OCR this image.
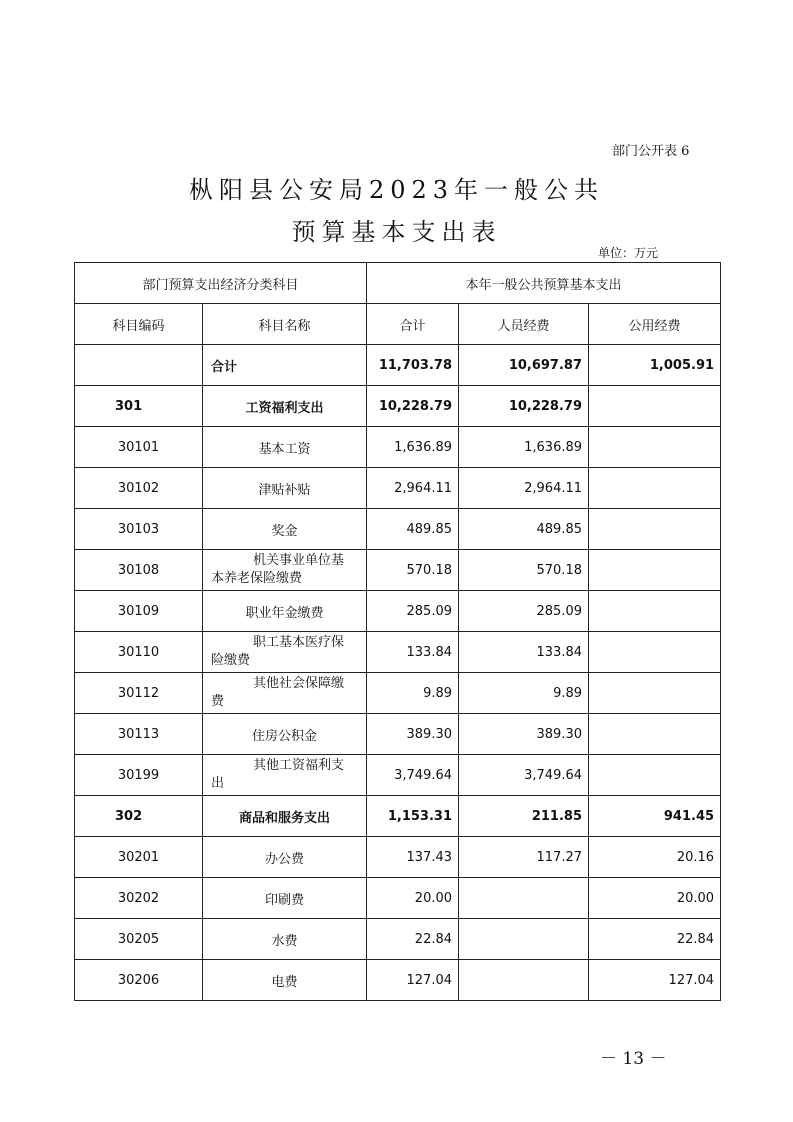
部门公开表 6
枞阳县公安局2023年一般公共
预算基本支出表
单位：万元
部门预算支出经济分类科目		本年一般公共预算基本支出		
科目编码	科目名称	合计	人员经费	公用经费
	合计	11,703.78	10,697.87	1,005.91
301	工资福利支出	10,228.79	10,228.79	
30101	基本工资	1,636.89	1,636.89	
30102	津贴补贴	2,964.11	2,964.11	
30103	奖金	489.85	489.85	
30108	机关事业单位基
本养老保险缴费	570.18	570.18	
30109	职业年金缴费	285.09	285.09	
30110	职工基本医疗保
险缴费	133.84	133.84	
30112	其他社会保障缴
费	9.89	9.89	
30113	住房公积金	389.30	389.30	
30199	其他工资福利支
出	3,749.64	3,749.64	
302	商品和服务支出	1,153.31	211.85	941.45
30201	办公费	137.43	117.27	20.16
30202	印刷费	20.00		20.00
30205	水费	22.84		22.84
30206	电费	127.04		127.04
－ 13 －
